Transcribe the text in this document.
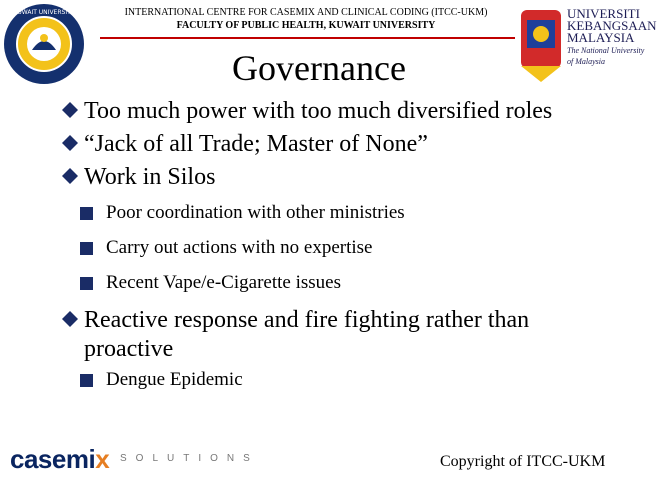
KUWAIT UNIVERSITY	INTERNATIONAL CENTRE FOR CASEMIX AND CLINICAL CODING (ITCC-UKM)
FACULTY OF PUBLIC HEALTH, KUWAIT UNIVERSITY
UNIVERSITI
KEBANGSAAN
MALAYSIA
The National University
of Malaysia
Governance
Too much power with too much diversified roles
“Jack of all Trade; Master of None”
Work in Silos
Poor coordination with other ministries
Carry out actions with no expertise
Recent Vape/e-Cigarette issues
Reactive response and fire fighting rather than proactive
Dengue Epidemic
casemix SOLUTIONS	Copyright of ITCC-UKM
